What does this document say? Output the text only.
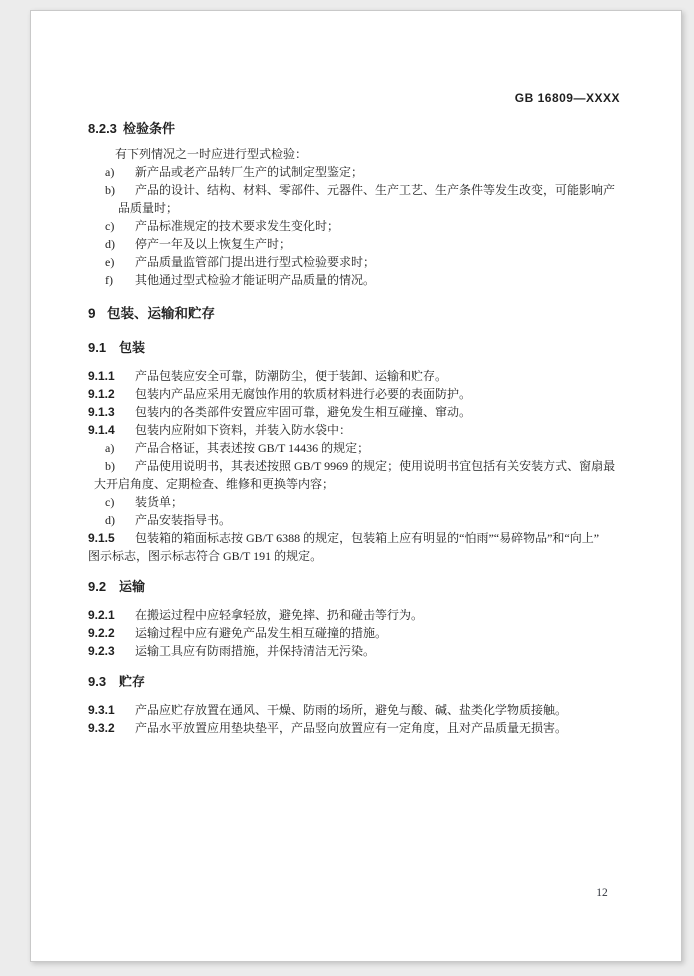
GB 16809—XXXX
8.2.3 检验条件
有下列情况之一时应进行型式检验：
a) 新产品或老产品转厂生产的试制定型鉴定；
b) 产品的设计、结构、材料、零部件、元器件、生产工艺、生产条件等发生改变，可能影响产
品质量时；
c) 产品标准规定的技术要求发生变化时；
d) 停产一年及以上恢复生产时；
e) 产品质量监管部门提出进行型式检验要求时；
f) 其他通过型式检验才能证明产品质量的情况。
9 包装、运输和贮存
9.1 包装
9.1.1 产品包装应安全可靠，防潮防尘，便于装卸、运输和贮存。
9.1.2 包装内产品应采用无腐蚀作用的软质材料进行必要的表面防护。
9.1.3 包装内的各类部件安置应牢固可靠，避免发生相互碰撞、窜动。
9.1.4 包装内应附如下资料，并装入防水袋中：
a) 产品合格证，其表述按 GB/T 14436 的规定；
b) 产品使用说明书，其表述按照 GB/T 9969 的规定；使用说明书宜包括有关安装方式、窗扇最
大开启角度、定期检查、维修和更换等内容；
c) 装货单；
d) 产品安装指导书。
9.1.5 包装箱的箱面标志按 GB/T 6388 的规定，包装箱上应有明显的“怕雨”“易碎物品”和“向上”
图示标志，图示标志符合 GB/T 191 的规定。
9.2 运输
9.2.1 在搬运过程中应轻拿轻放，避免摔、扔和碰击等行为。
9.2.2 运输过程中应有避免产品发生相互碰撞的措施。
9.2.3 运输工具应有防雨措施，并保持清洁无污染。
9.3 贮存
9.3.1 产品应贮存放置在通风、干燥、防雨的场所，避免与酸、碱、盐类化学物质接触。
9.3.2 产品水平放置应用垫块垫平，产品竖向放置应有一定角度，且对产品质量无损害。
12
